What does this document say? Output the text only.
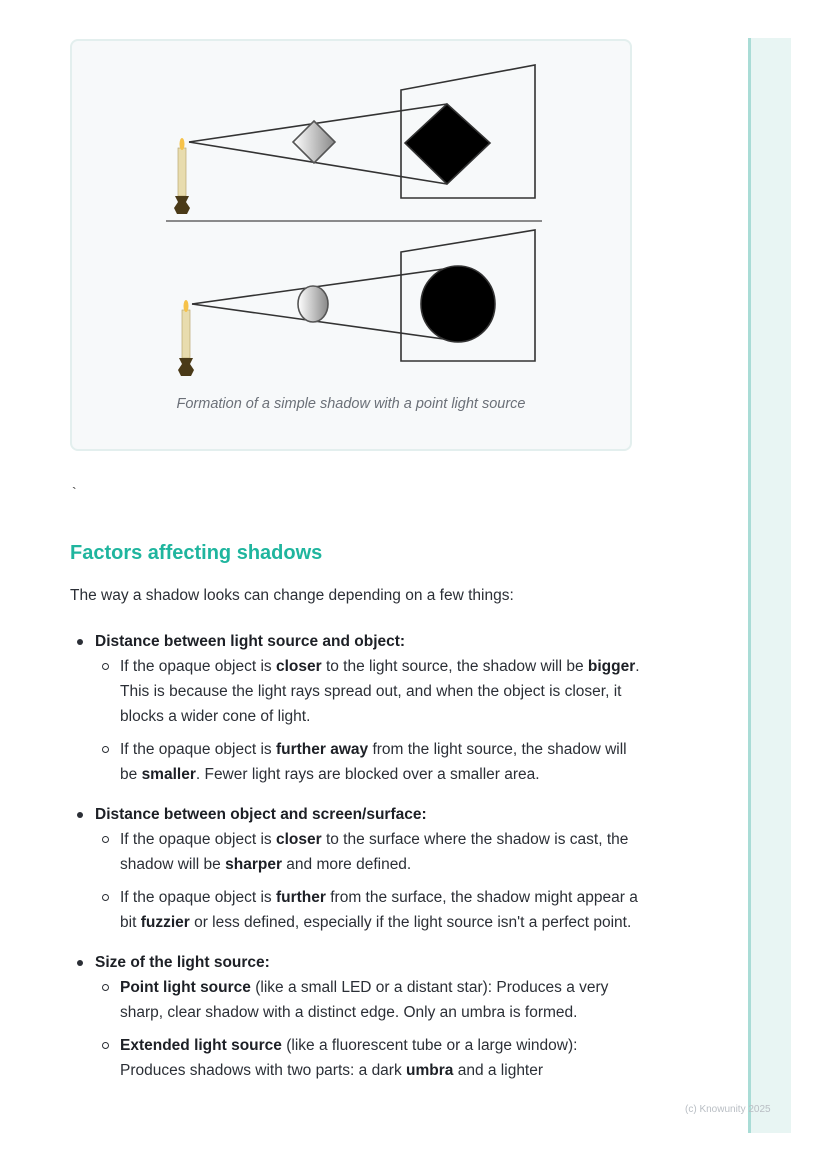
Formation of a simple shadow with a point light source
`
Factors affecting shadows

The way a shadow looks can change depending on a few things:

Distance between light source and object:
If the opaque object is closer to the light source, the shadow will be bigger. This is because the light rays spread out, and when the object is closer, it blocks a wider cone of light.
If the opaque object is further away from the light source, the shadow will be smaller. Fewer light rays are blocked over a smaller area.
Distance between object and screen/surface:
If the opaque object is closer to the surface where the shadow is cast, the shadow will be sharper and more defined.
If the opaque object is further from the surface, the shadow might appear a bit fuzzier or less defined, especially if the light source isn't a perfect point.
Size of the light source:
Point light source (like a small LED or a distant star): Produces a very sharp, clear shadow with a distinct edge. Only an umbra is formed.
Extended light source (like a fluorescent tube or a large window): Produces shadows with two parts: a dark umbra and a lighter
(c) Knowunity 2025
